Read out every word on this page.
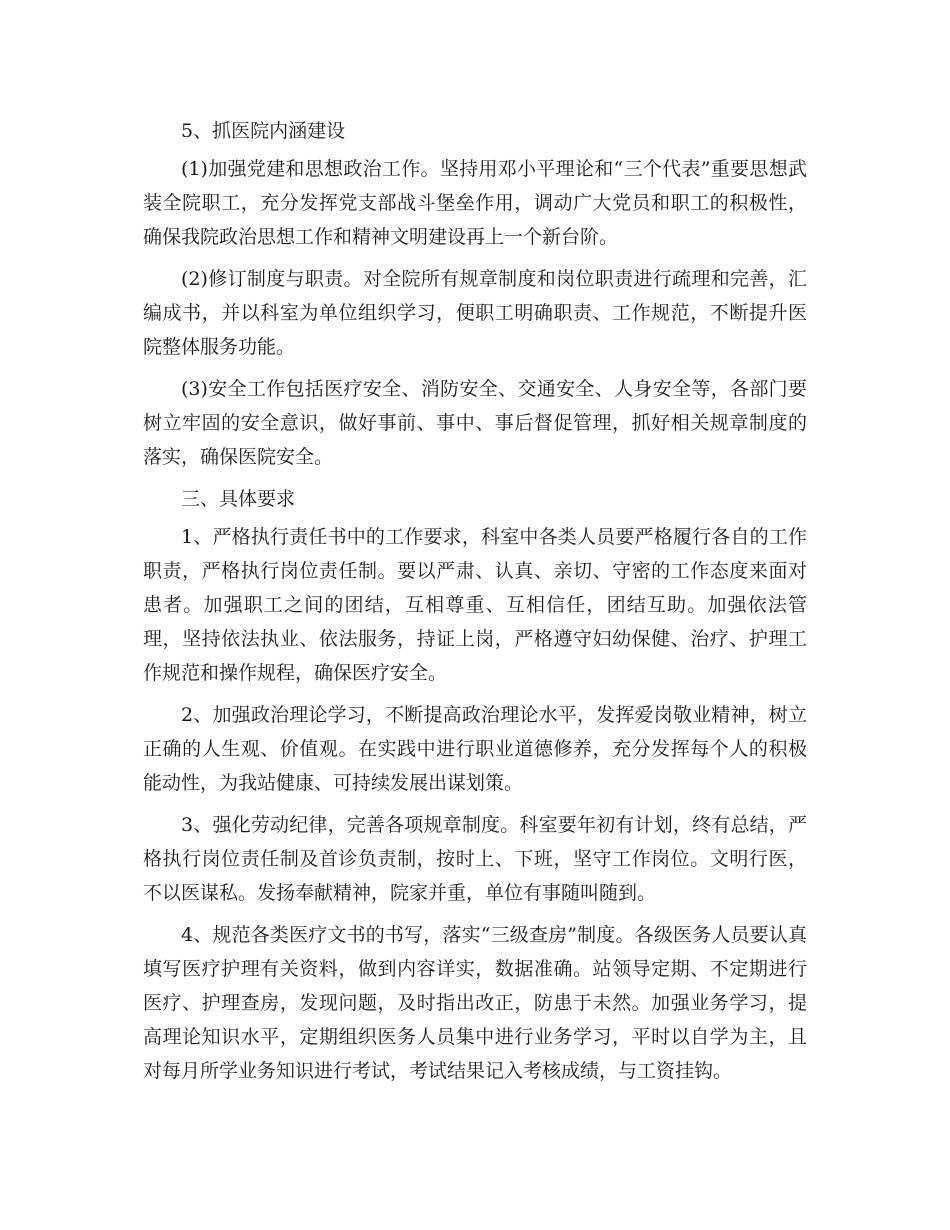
5、抓医院内涵建设

(1)加强党建和思想政治工作。坚持用邓小平理论和“三个代表”重要思想武装全院职工，充分发挥党支部战斗堡垒作用，调动广大党员和职工的积极性，确保我院政治思想工作和精神文明建设再上一个新台阶。

(2)修订制度与职责。对全院所有规章制度和岗位职责进行疏理和完善，汇编成书，并以科室为单位组织学习，便职工明确职责、工作规范，不断提升医院整体服务功能。

(3)安全工作包括医疗安全、消防安全、交通安全、人身安全等，各部门要树立牢固的安全意识，做好事前、事中、事后督促管理，抓好相关规章制度的落实，确保医院安全。

三、具体要求

1、严格执行责任书中的工作要求，科室中各类人员要严格履行各自的工作职责，严格执行岗位责任制。要以严肃、认真、亲切、守密的工作态度来面对患者。加强职工之间的团结，互相尊重、互相信任，团结互助。加强依法管理，坚持依法执业、依法服务，持证上岗，严格遵守妇幼保健、治疗、护理工作规范和操作规程，确保医疗安全。

2、加强政治理论学习，不断提高政治理论水平，发挥爱岗敬业精神，树立正确的人生观、价值观。在实践中进行职业道德修养，充分发挥每个人的积极能动性，为我站健康、可持续发展出谋划策。

3、强化劳动纪律，完善各项规章制度。科室要年初有计划，终有总结，严格执行岗位责任制及首诊负责制，按时上、下班，坚守工作岗位。文明行医，不以医谋私。发扬奉献精神，院家并重，单位有事随叫随到。

4、规范各类医疗文书的书写，落实“三级查房”制度。各级医务人员要认真填写医疗护理有关资料，做到内容详实，数据准确。站领导定期、不定期进行医疗、护理查房，发现问题，及时指出改正，防患于未然。加强业务学习，提高理论知识水平，定期组织医务人员集中进行业务学习，平时以自学为主，且对每月所学业务知识进行考试，考试结果记入考核成绩，与工资挂钩。
